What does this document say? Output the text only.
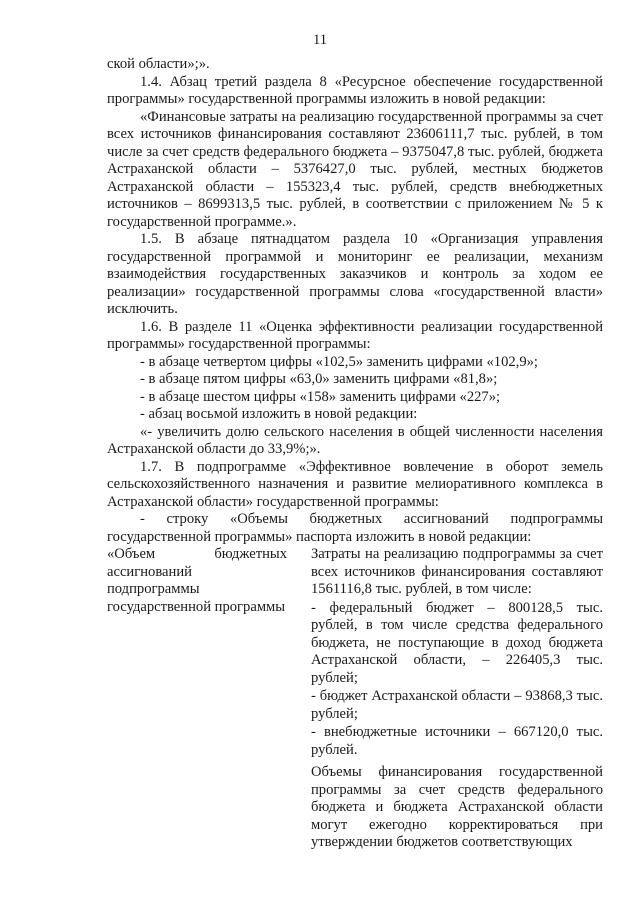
11

ской области»;».

1.4. Абзац третий раздела 8 «Ресурсное обеспечение государственной программы» государственной программы изложить в новой редакции:

«Финансовые затраты на реализацию государственной программы за счет всех источников финансирования составляют 23606111,7 тыс. рублей, в том числе за счет средств федерального бюджета – 9375047,8 тыс. рублей, бюджета Астраханской области – 5376427,0 тыс. рублей, местных бюджетов Астраханской области – 155323,4 тыс. рублей, средств внебюджетных источников – 8699313,5 тыс. рублей, в соответствии с приложением № 5 к государственной программе.».

1.5. В абзаце пятнадцатом раздела 10 «Организация управления государственной программой и мониторинг ее реализации, механизм взаимодействия государственных заказчиков и контроль за ходом ее реализации» государственной программы слова «государственной власти» исключить.

1.6. В разделе 11 «Оценка эффективности реализации государственной программы» государственной программы:

- в абзаце четвертом цифры «102,5» заменить цифрами «102,9»;

- в абзаце пятом цифры «63,0» заменить цифрами «81,8»;

- в абзаце шестом цифры «158» заменить цифрами «227»;

- абзац восьмой изложить в новой редакции:

«- увеличить долю сельского населения в общей численности населения Астраханской области до 33,9%;».

1.7. В подпрограмме «Эффективное вовлечение в оборот земель сельскохозяйственного назначения и развитие мелиоративного комплекса в Астраханской области» государственной программы:

- строку «Объемы бюджетных ассигнований подпрограммы государственной программы» паспорта изложить в новой редакции:

«Объем бюджетных ассигнований подпрограммы государственной программы

Затраты на реализацию подпрограммы за счет всех источников финансирования составляют 1561116,8 тыс. рублей, в том числе:

- федеральный бюджет – 800128,5 тыс. рублей, в том числе средства федерального бюджета, не поступающие в доход бюджета Астраханской области, – 226405,3 тыс. рублей;

- бюджет Астраханской области – 93868,3 тыс. рублей;

- внебюджетные источники – 667120,0 тыс. рублей.

Объемы финансирования государственной программы за счет средств федерального бюджета и бюджета Астраханской области могут ежегодно корректироваться при утверждении бюджетов соответствующих
